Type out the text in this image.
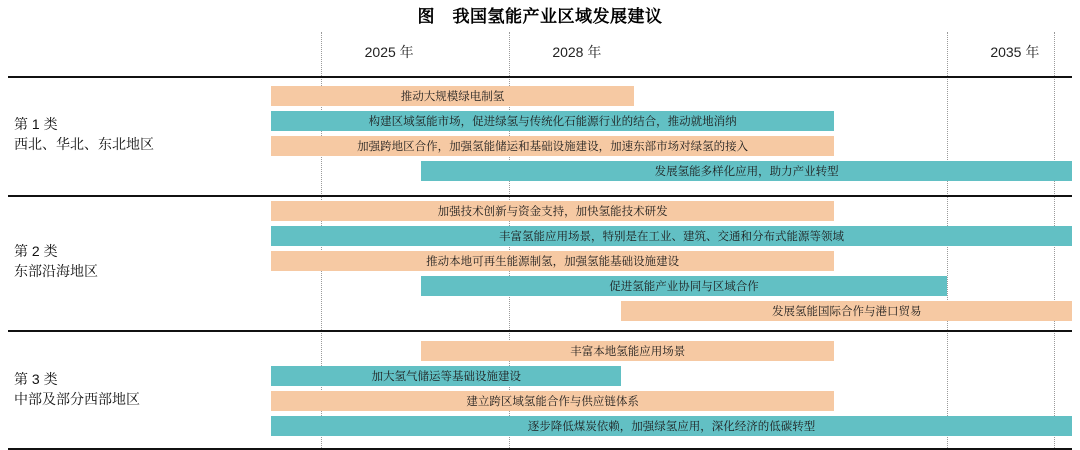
图　我国氢能产业区域发展建议
2025 年	2028 年	2035 年
第 1 类
西北、华北、东北地区
推动大规模绿电制氢
构建区域氢能市场，促进绿氢与传统化石能源行业的结合，推动就地消纳
加强跨地区合作，加强氢能储运和基础设施建设，加速东部市场对绿氢的接入
发展氢能多样化应用，助力产业转型
第 2 类
东部沿海地区
加强技术创新与资金支持，加快氢能技术研发
丰富氢能应用场景，特别是在工业、建筑、交通和分布式能源等领域
推动本地可再生能源制氢，加强氢能基础设施建设
促进氢能产业协同与区域合作
发展氢能国际合作与港口贸易
第 3 类
中部及部分西部地区
丰富本地氢能应用场景
加大氢气储运等基础设施建设
建立跨区域氢能合作与供应链体系
逐步降低煤炭依赖，加强绿氢应用，深化经济的低碳转型
